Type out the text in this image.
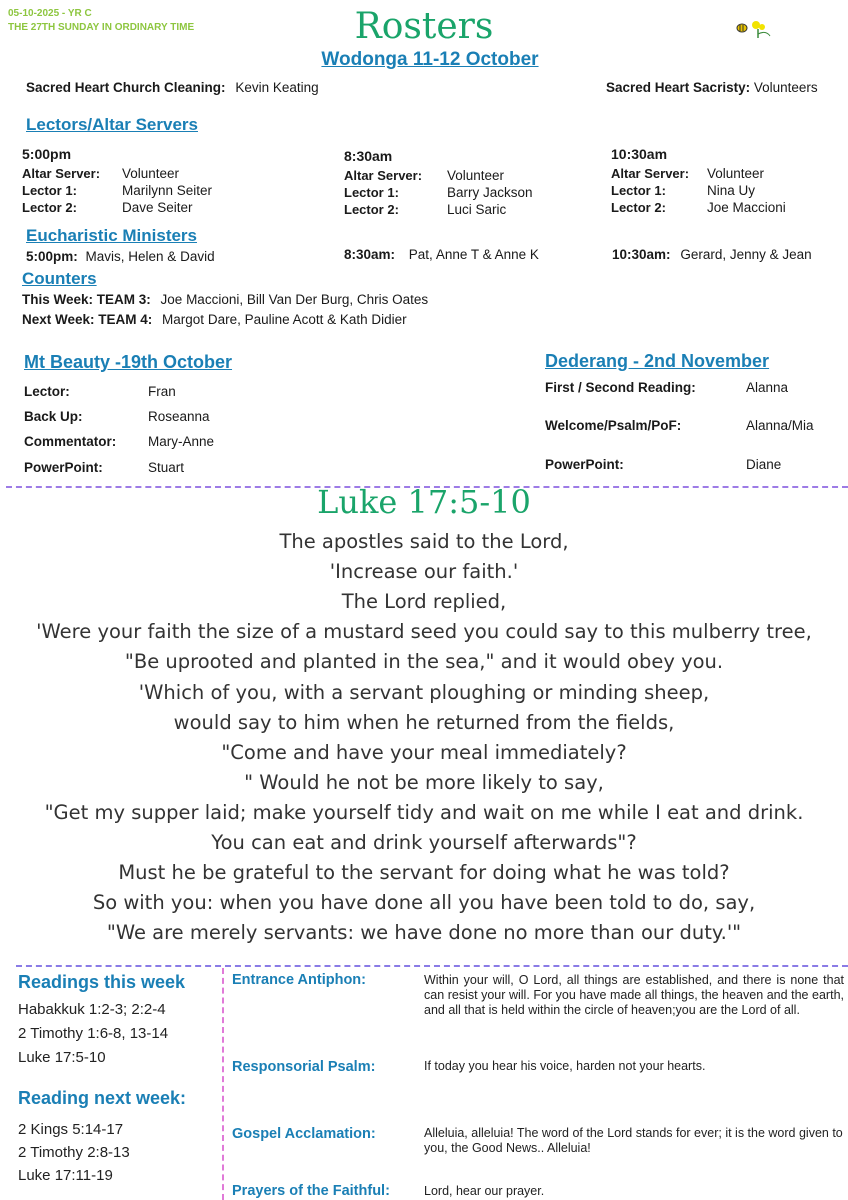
05-10-2025 - YR C
THE 27TH SUNDAY IN ORDINARY TIME	Rosters
Wodonga 11-12 October
Sacred Heart Church Cleaning: Kevin Keating	Sacred Heart Sacristy: Volunteers
Lectors/Altar Servers
5:00pm
Altar Server: Volunteer
Lector 1:	Marilynn Seiter
Lector 2:	Dave Seiter
8:30am
Altar Server: Volunteer
Lector 1:	Barry Jackson
Lector 2:	Luci Saric
10:30am
Altar Server: Volunteer
Lector 1:	Nina Uy
Lector 2:	Joe Maccioni
Eucharistic Ministers
5:00pm: Mavis, Helen & David	8:30am: Pat, Anne T & Anne K	10:30am: Gerard, Jenny & Jean
Counters
This Week: TEAM 3: Joe Maccioni, Bill Van Der Burg, Chris Oates
Next Week: TEAM 4: Margot Dare, Pauline Acott & Kath Didier
Mt Beauty -19th October
Lector:	Fran
Back Up:	Roseanna
Commentator: Mary-Anne
PowerPoint:	Stuart
Dederang - 2nd November
First / Second Reading:	Alanna
Welcome/Psalm/PoF:	Alanna/Mia
PowerPoint:	Diane
Luke 17:5-10
The apostles said to the Lord,
'Increase our faith.'
The Lord replied,
'Were your faith the size of a mustard seed you could say to this mulberry tree,
"Be uprooted and planted in the sea," and it would obey you.
'Which of you, with a servant ploughing or minding sheep,
would say to him when he returned from the fields,
"Come and have your meal immediately?
" Would he not be more likely to say,
"Get my supper laid; make yourself tidy and wait on me while I eat and drink.
You can eat and drink yourself afterwards"?
Must he be grateful to the servant for doing what he was told?
So with you: when you have done all you have been told to do, say,
"We are merely servants: we have done no more than our duty.'"
Readings this week
Habakkuk 1:2-3; 2:2-4
2 Timothy 1:6-8, 13-14
Luke 17:5-10
Reading next week:
2 Kings 5:14-17
2 Timothy 2:8-13
Luke 17:11-19
Entrance Antiphon:	Within your will, O Lord, all things are established, and there is none that can resist your will. For you have made all things, the heaven and the earth, and all that is held within the circle of heaven;you are the Lord of all.
Responsorial Psalm:	If today you hear his voice, harden not your hearts.
Gospel Acclamation:	Alleluia, alleluia! The word of the Lord stands for ever; it is the word given to you, the Good News.. Alleluia!
Prayers of the Faithful:	Lord, hear our prayer.
